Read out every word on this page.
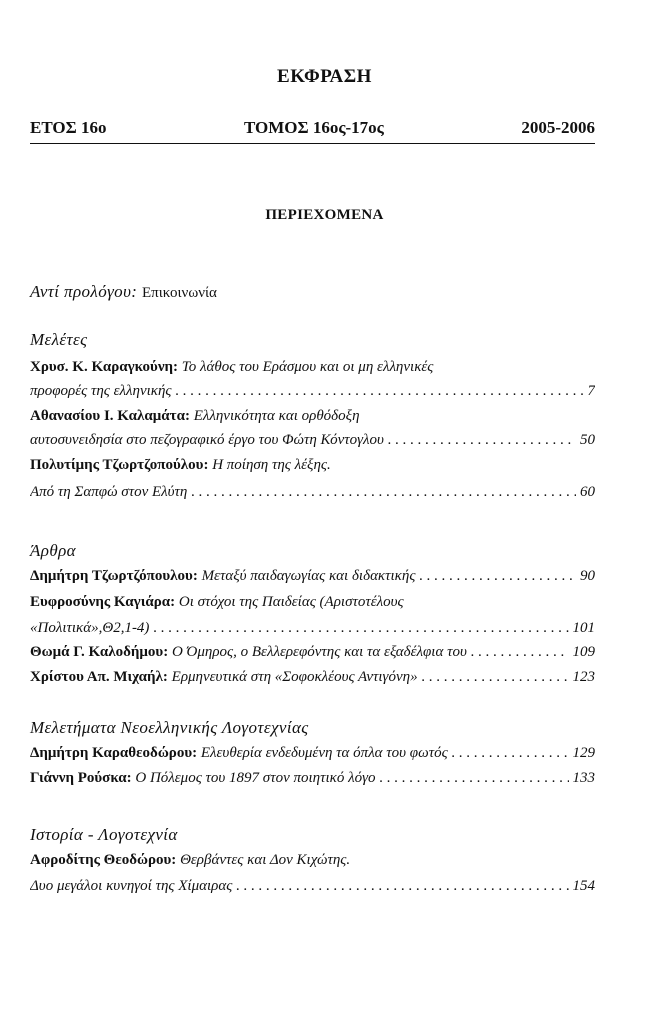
ΕΚΦΡΑΣΗ
ΕΤΟΣ 16ο	ΤΟΜΟΣ 16ος-17ος	2005-2006
ΠΕΡΙΕΧΟΜΕΝΑ
Αντί προλόγου: Επικοινωνία
Μελέτες
Χρυσ. Κ. Καραγκούνη: Το λάθος του Εράσμου και οι μη ελληνικές
προφορές της ελληνικής . . .	7
Αθανασίου Ι. Καλαμάτα: Ελληνικότητα και ορθόδοξη
αυτοσυνειδησία στο πεζογραφικό έργο του Φώτη Κόντογλου . . .	50
Πολυτίμης Τζωρτζοπούλου: Η ποίηση της λέξης.
Από τη Σαπφώ στον Ελύτη . . .	60
Άρθρα
Δημήτρη Τζωρτζόπουλου:
Μεταξύ παιδαγωγίας και διδακτικής . . .	90
Ευφροσύνης Καγιάρα: Οι στόχοι της Παιδείας (Αριστοτέλους
«Πολιτικά»,Θ2,1-4) . . .	101
Θωμά Γ. Καλοδήμου:
Ο Όμηρος, ο Βελλερεφόντης και τα εξαδέλφια του . . .	109
Χρίστου Απ. Μιχαήλ:
Ερμηνευτικά στη «Σοφοκλέους Αντιγόνη» . . .	123
Μελετήματα Νεοελληνικής Λογοτεχνίας
Δημήτρη Καραθεοδώρου:
Ελευθερία ενδεδυμένη τα όπλα του φωτός . . .	129
Γιάννη Ρούσκα:
Ο Πόλεμος του 1897 στον ποιητικό λόγο . . .	133
Ιστορία - Λογοτεχνία
Αφροδίτης Θεοδώρου: Θερβάντες και Δον Κιχώτης.
Δυο μεγάλοι κυνηγοί της Χίμαιρας . . .	154
